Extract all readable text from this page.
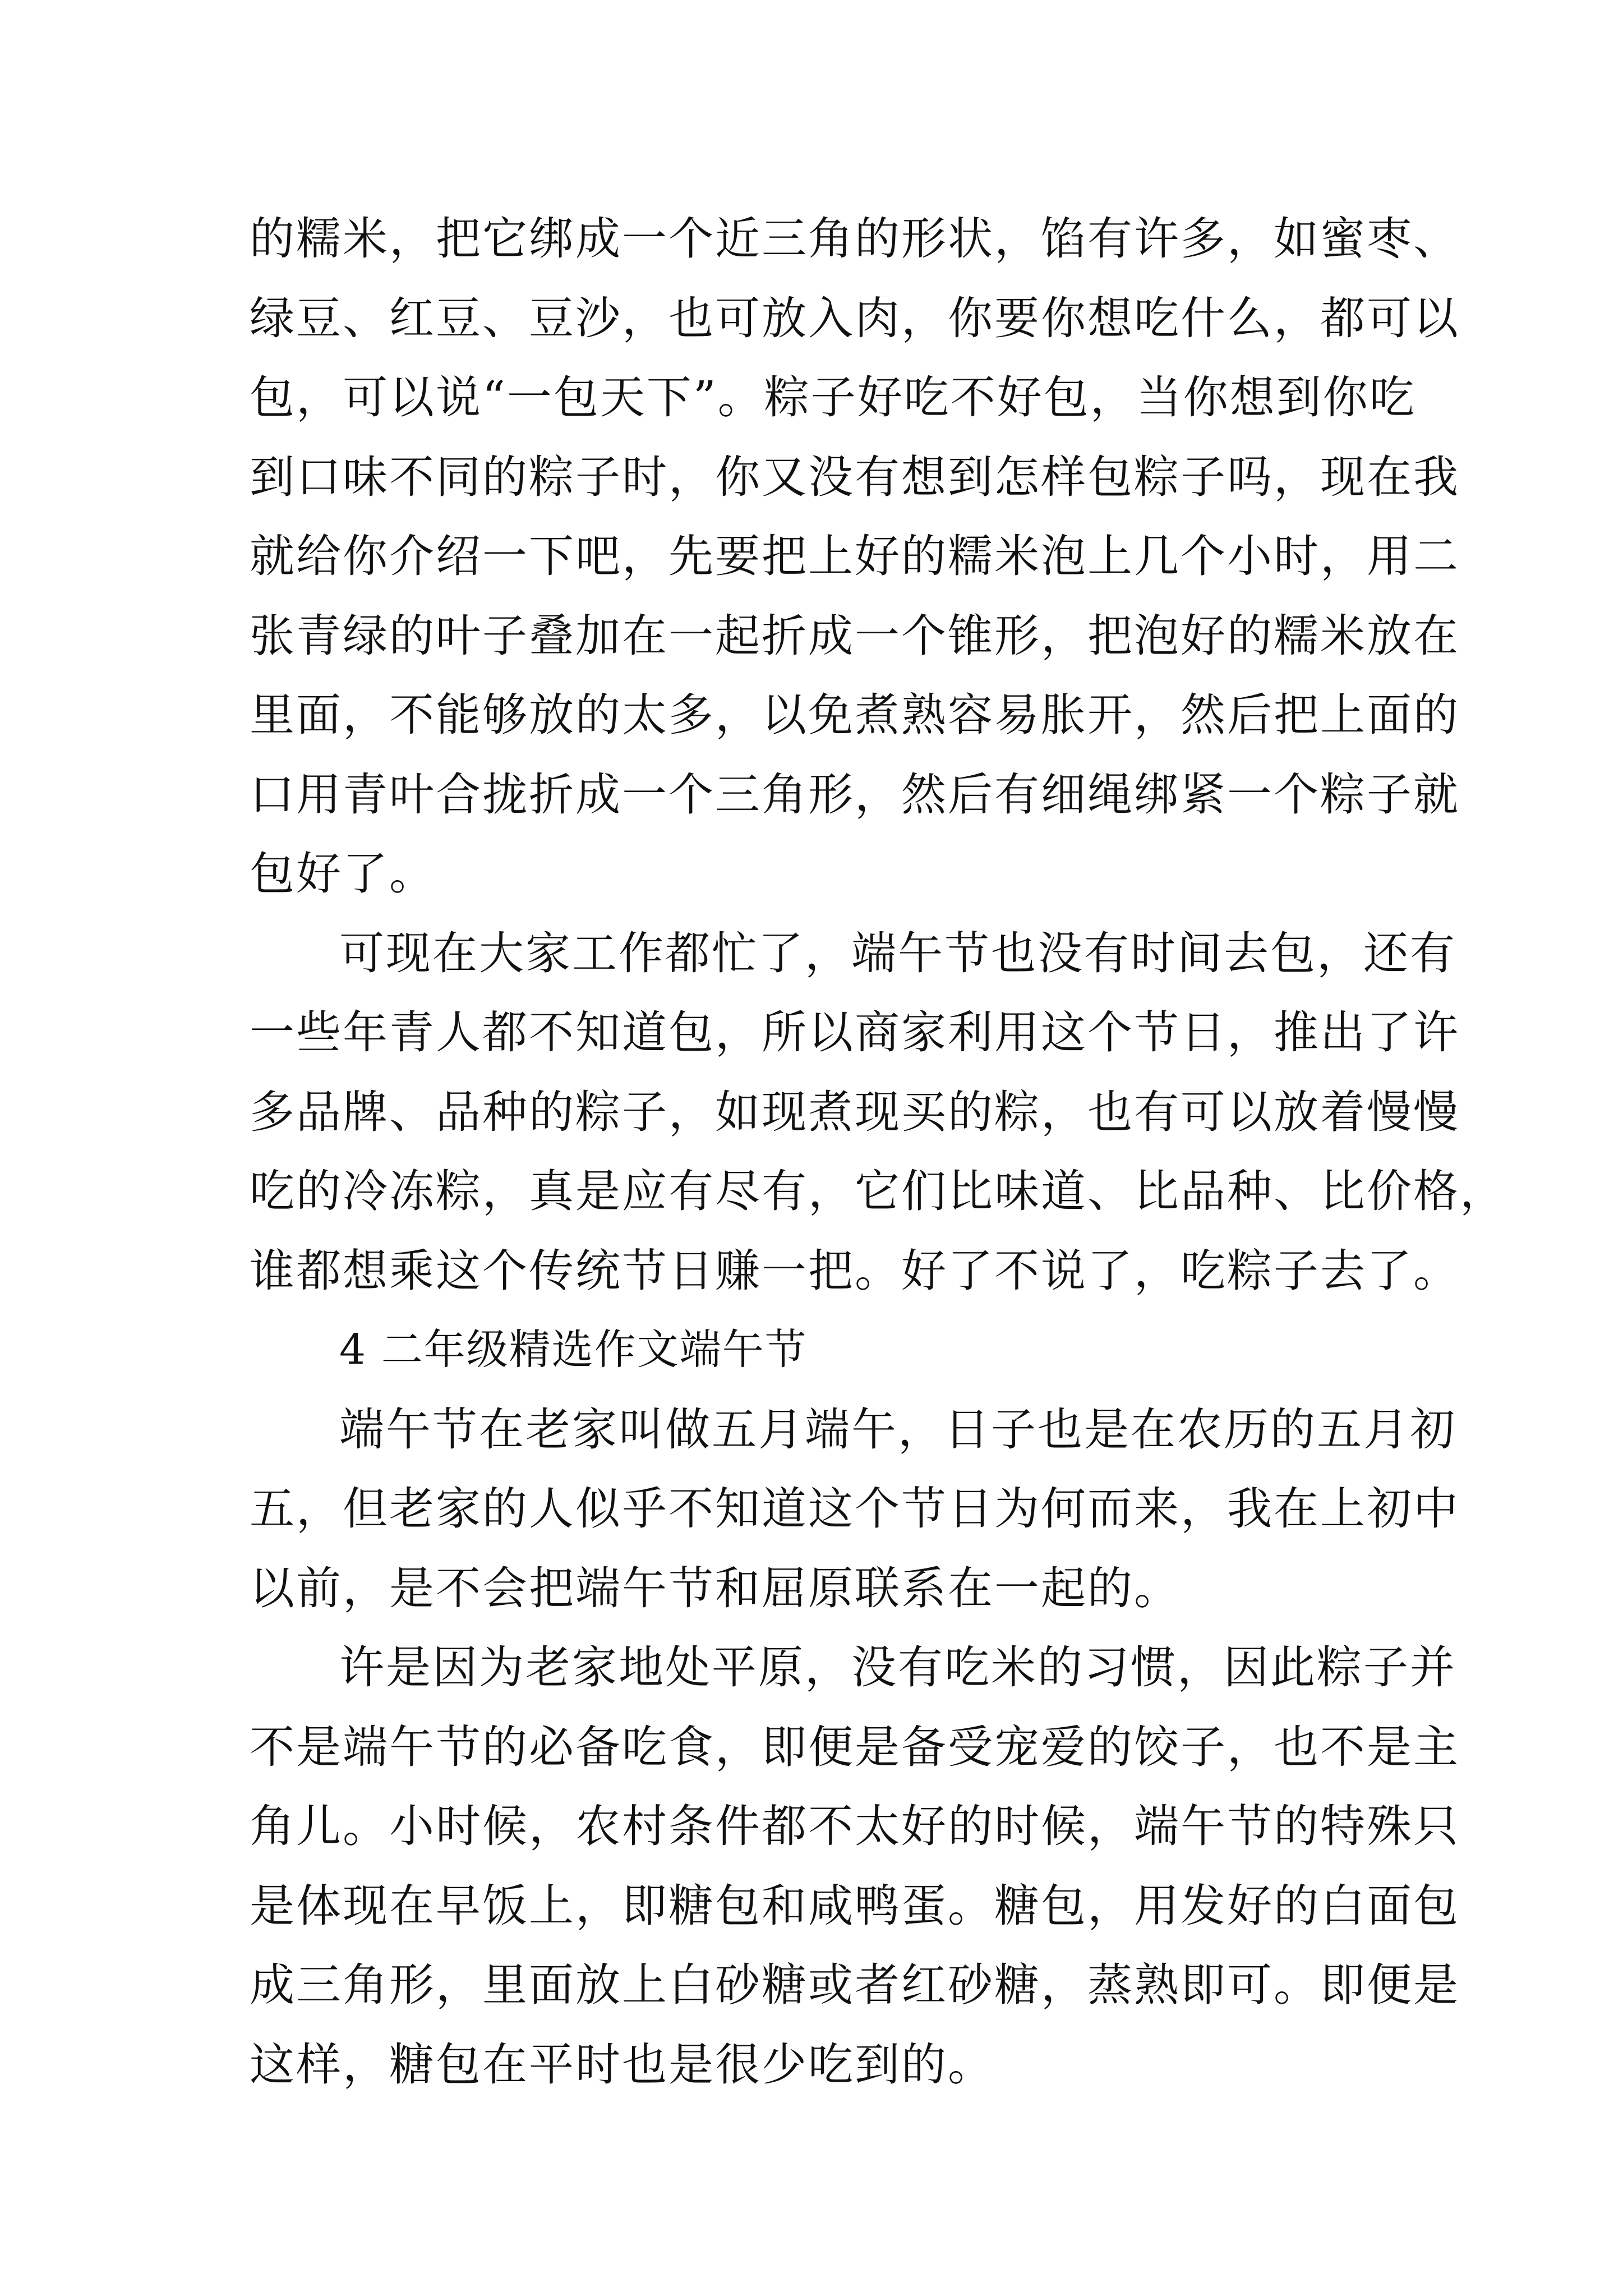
的糯米，把它绑成一个近三角的形状，馅有许多，如蜜枣、
绿豆、红豆、豆沙，也可放入肉，你要你想吃什么，都可以
包，可以说“一包天下”。粽子好吃不好包，当你想到你吃
到口味不同的粽子时，你又没有想到怎样包粽子吗，现在我
就给你介绍一下吧，先要把上好的糯米泡上几个小时，用二
张青绿的叶子叠加在一起折成一个锥形，把泡好的糯米放在
里面，不能够放的太多，以免煮熟容易胀开，然后把上面的
口用青叶合拢折成一个三角形，然后有细绳绑紧一个粽子就
包好了。
可现在大家工作都忙了，端午节也没有时间去包，还有
一些年青人都不知道包，所以商家利用这个节日，推出了许
多品牌、品种的粽子，如现煮现买的粽，也有可以放着慢慢
吃的冷冻粽，真是应有尽有，它们比味道、比品种、比价格，
谁都想乘这个传统节日赚一把。好了不说了，吃粽子去了。
4 二年级精选作文端午节
端午节在老家叫做五月端午，日子也是在农历的五月初
五，但老家的人似乎不知道这个节日为何而来，我在上初中
以前，是不会把端午节和屈原联系在一起的。
许是因为老家地处平原，没有吃米的习惯，因此粽子并
不是端午节的必备吃食，即便是备受宠爱的饺子，也不是主
角儿。小时候，农村条件都不太好的时候，端午节的特殊只
是体现在早饭上，即糖包和咸鸭蛋。糖包，用发好的白面包
成三角形，里面放上白砂糖或者红砂糖，蒸熟即可。即便是
这样，糖包在平时也是很少吃到的。
